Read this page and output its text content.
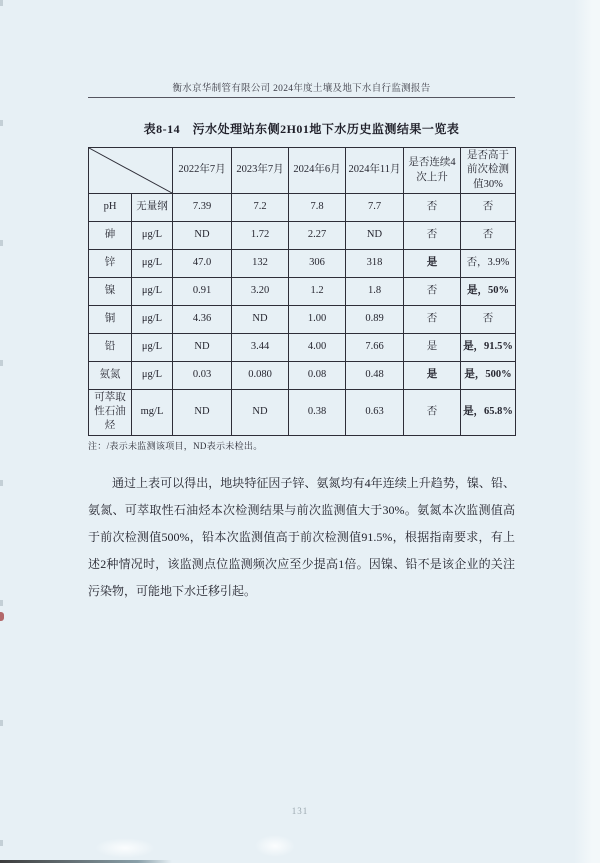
衡水京华制管有限公司 2024年度土壤及地下水自行监测报告
表8-14　污水处理站东侧2H01地下水历史监测结果一览表
	2022年7月	2023年7月	2024年6月	2024年11月	是否连续4次上升	是否高于前次检测值30%
pH	无量纲	7.39	7.2	7.8	7.7	否	否
砷	μg/L	ND	1.72	2.27	ND	否	否
锌	μg/L	47.0	132	306	318	是	否，3.9%
镍	μg/L	0.91	3.20	1.2	1.8	否	是，50%
铜	μg/L	4.36	ND	1.00	0.89	否	否
铅	μg/L	ND	3.44	4.00	7.66	是	是，91.5%
氨氮	μg/L	0.03	0.080	0.08	0.48	是	是，500%
可萃取性石油烃	mg/L	ND	ND	0.38	0.63	否	是，65.8%
注：/表示未监测该项目，ND表示未检出。

通过上表可以得出，地块特征因子锌、氨氮均有4年连续上升趋势，镍、铅、氨氮、可萃取性石油烃本次检测结果与前次监测值大于30%。氨氮本次监测值高于前次检测值500%，铅本次监测值高于前次检测值91.5%，根据指南要求，有上述2种情况时，该监测点位监测频次应至少提高1倍。因镍、铅不是该企业的关注污染物，可能地下水迁移引起。

131
